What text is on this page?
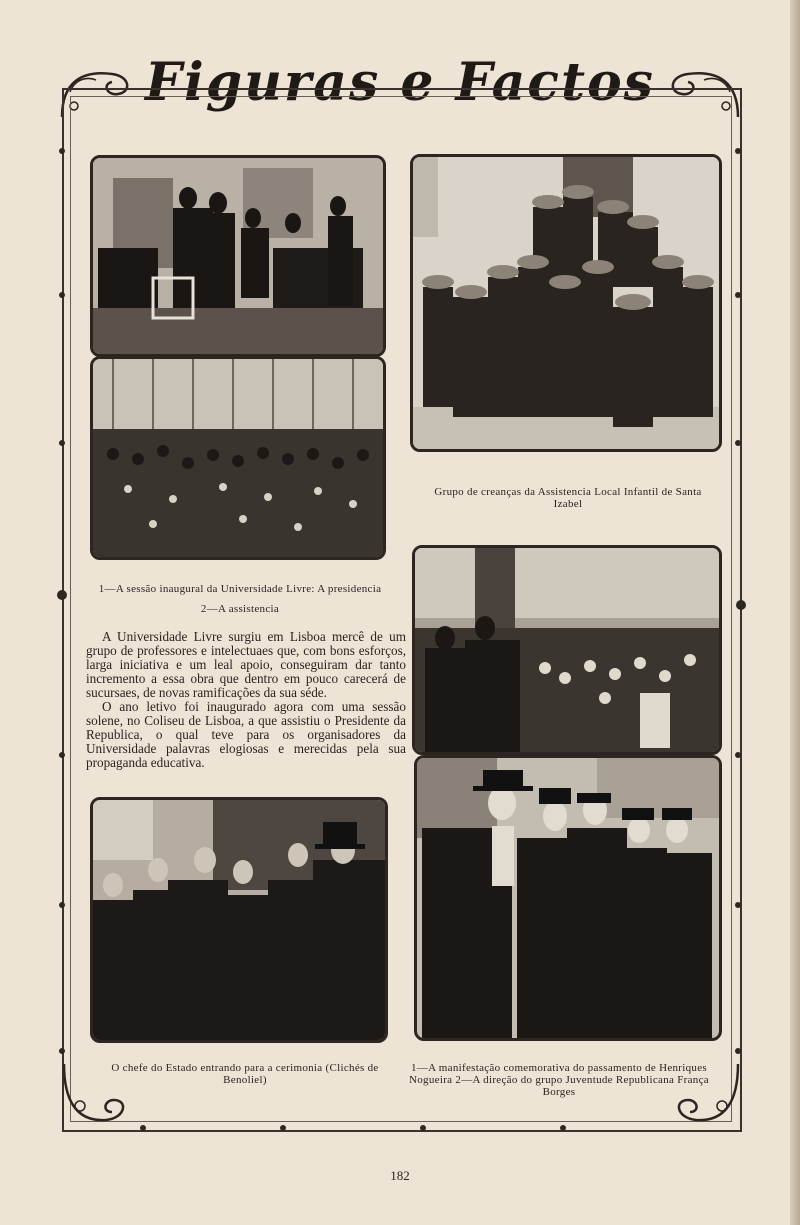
Figuras e Factos
1—A sessão inaugural da Universidade Livre: A presidencia
2—A assistencia
Grupo de creanças da Assistencia Local Infantil de Santa Izabel
O chefe do Estado entrando para a cerimonia (Clichés de Benoliel)
1—A manifestação comemorativa do passamento de Henriques Nogueira 2—A direção do grupo Juventude Republicana França Borges

A Universidade Livre surgiu em Lisboa mercê de um grupo de professores e intelectuaes que, com bons esforços, larga iniciativa e um leal apoio, conseguiram dar tanto incremento a essa obra que dentro em pouco carecerá de sucursaes, de novas ramificações da sua séde.

O ano letivo foi inaugurado agora com uma sessão solene, no Coliseu de Lisboa, a que assistiu o Presidente da Republica, o qual teve para os organisadores da Universidade palavras elogiosas e merecidas pela sua propaganda educativa.

182
